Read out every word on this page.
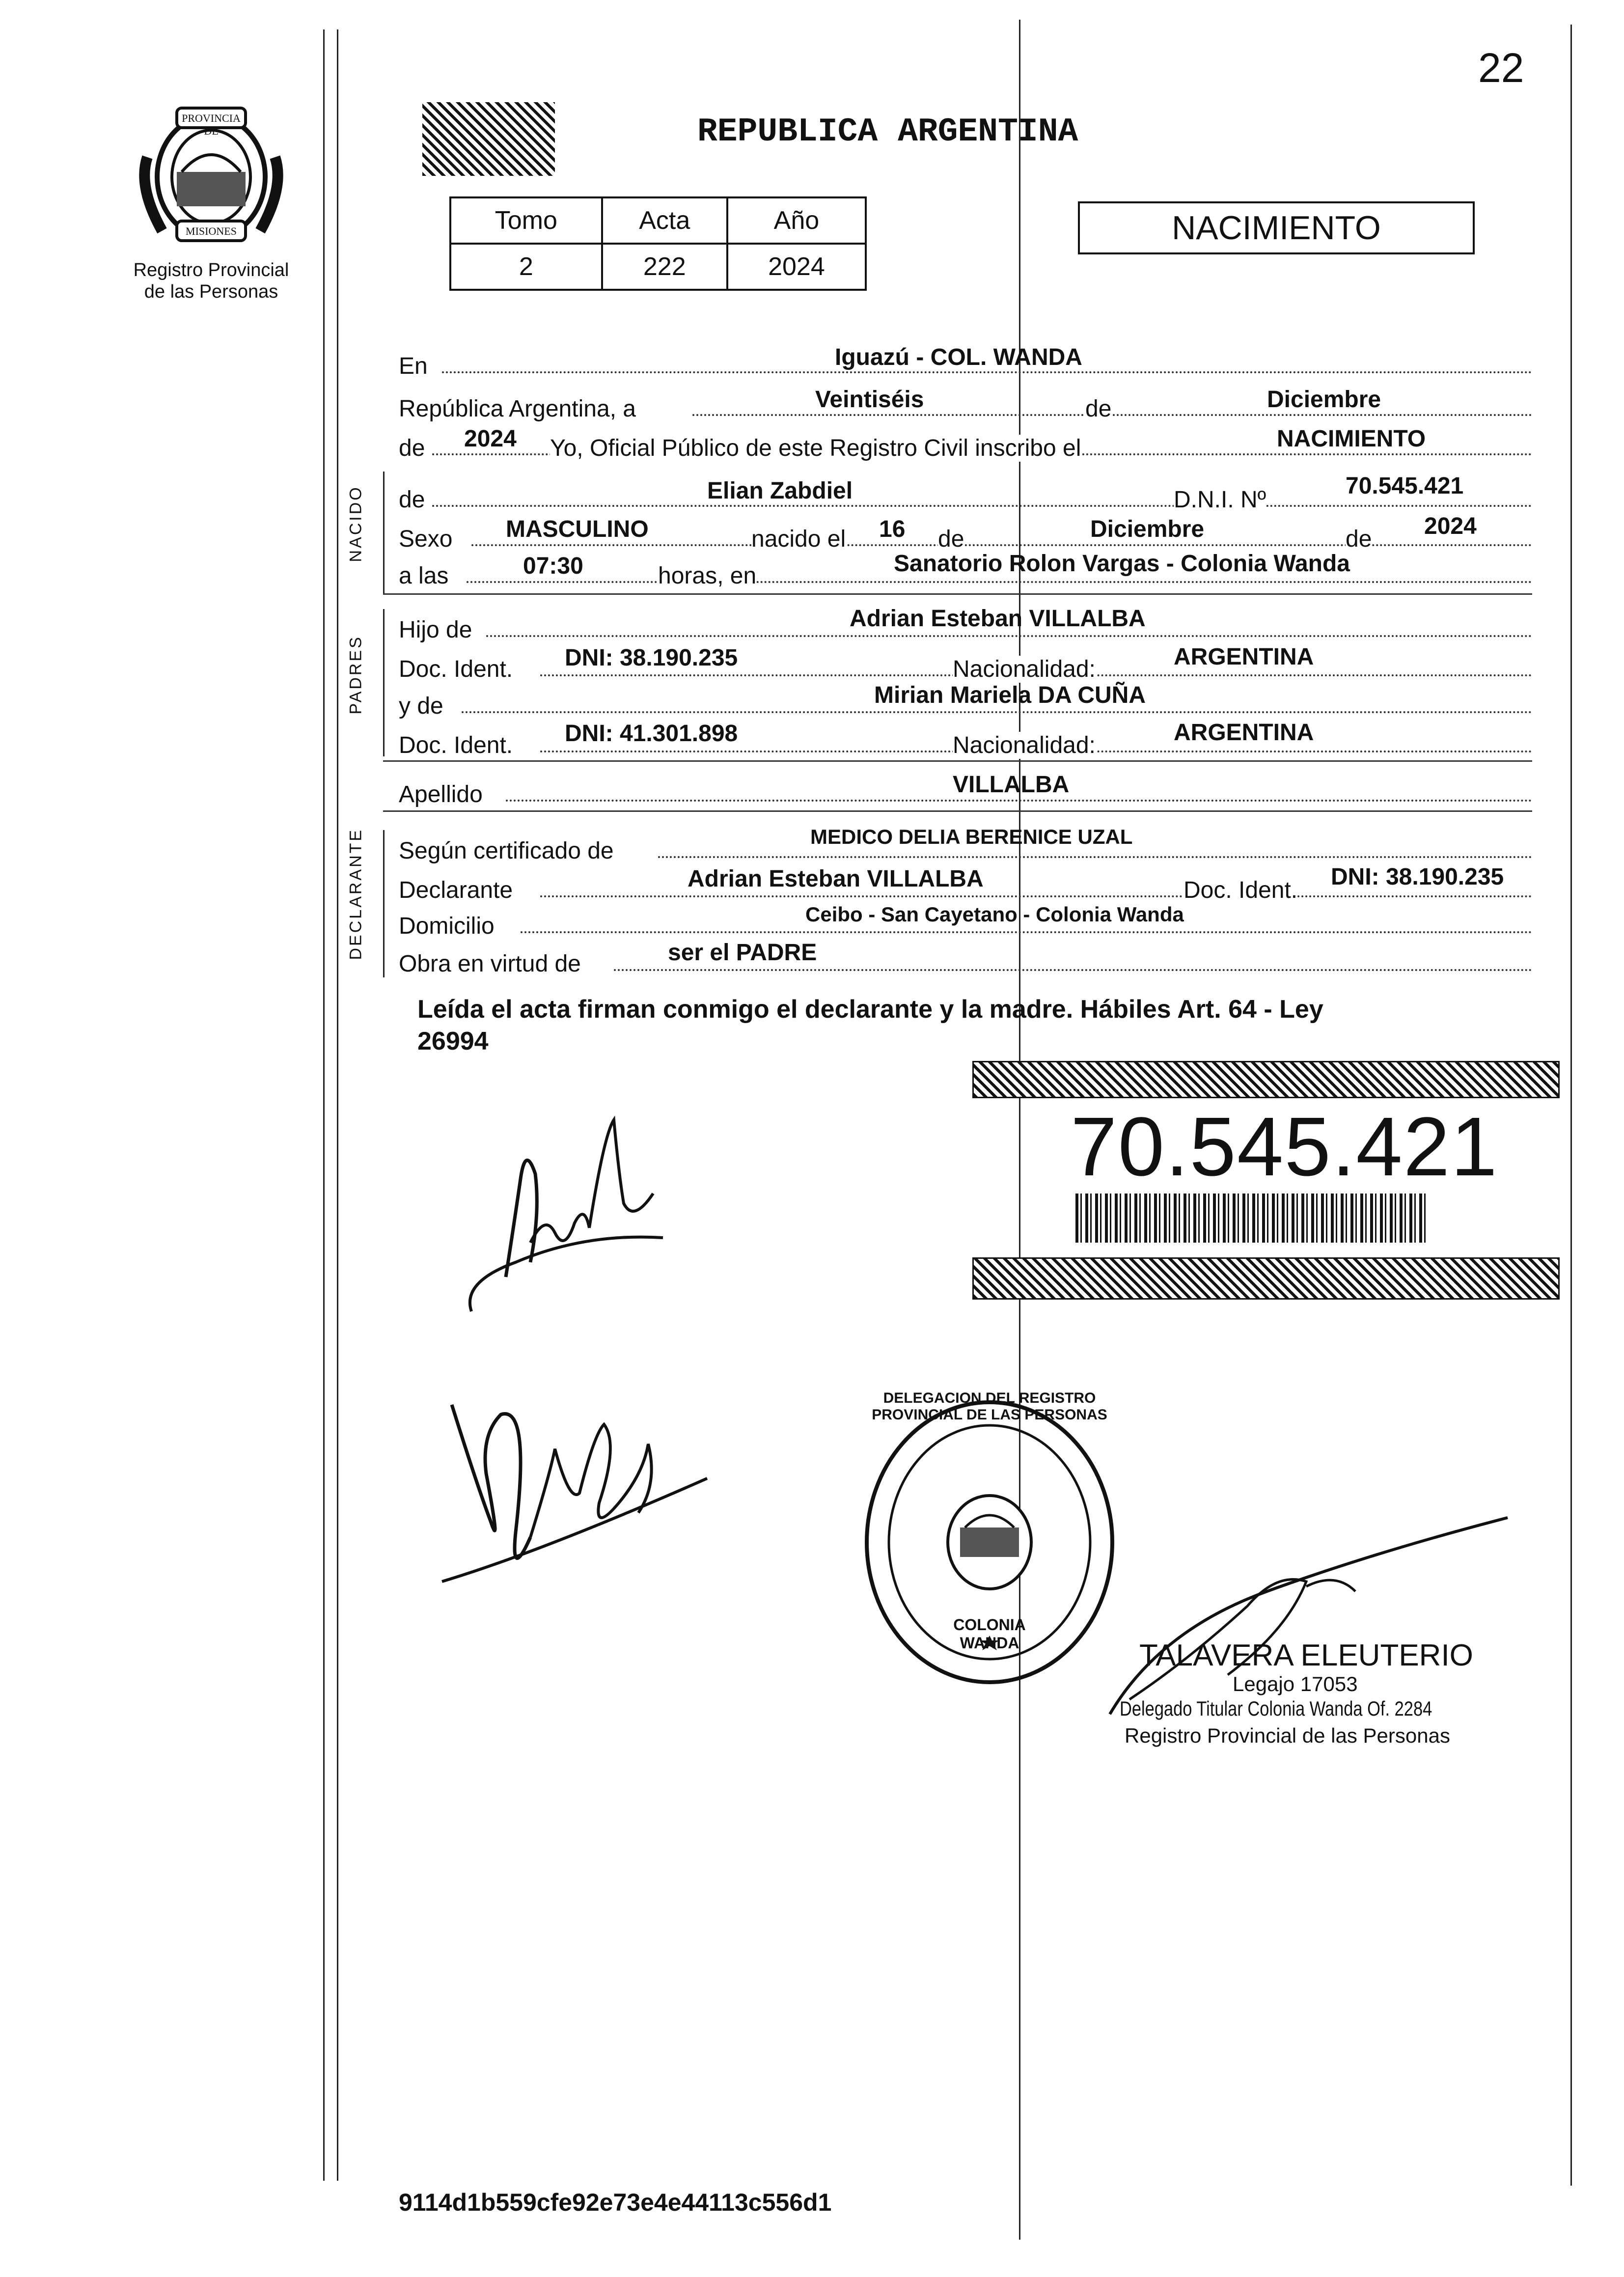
22
PROVINCIA DE
MISIONES
Registro Provincial
de las Personas
REPUBLICA ARGENTINA
Tomo	Acta	Año
2	222	2024
NACIMIENTO
En	Iguazú - COL. WANDA
República Argentina, a	Veintiséis	de	Diciembre
de 2024 Yo, Oficial Público de este Registro Civil inscribo el	NACIMIENTO
NACIDO de	Elian Zabdiel	D.N.I. Nº
70.545.421
Sexo MASCULINO	nacido el 16 de	Diciembre	de 2024
a las	07:30	horas, en	Sanatorio Rolon Vargas - Colonia Wanda
PADRES
Hijo de	Adrian Esteban VILLALBA
Doc. Ident. DNI: 38.190.235	Nacionalidad:	ARGENTINA
y de	Mirian Mariela DA CUÑA
Doc. Ident. DNI: 41.301.898	Nacionalidad:	ARGENTINA
Apellido	VILLALBA
DECLARANTE Según certificado de
MEDICO DELIA BERENICE UZAL
Declarante	Adrian Esteban VILLALBA	Doc. Ident.
DNI: 38.190.235
Domicilio	Ceibo - San Cayetano - Colonia Wanda
Obra en virtud de	ser el PADRE
Leída el acta firman conmigo el declarante y la madre. Hábiles Art. 64 - Ley
26994
70.545.421
DELEGACION DEL REGISTRO PROVINCIAL DE LAS PERSONAS
COLONIA WANDA	TALAVERA ELEUTERIO
Legajo 17053
Delegado Titular Colonia Wanda Of. 2284
Registro Provincial de las Personas
9114d1b559cfe92e73e4e44113c556d1
